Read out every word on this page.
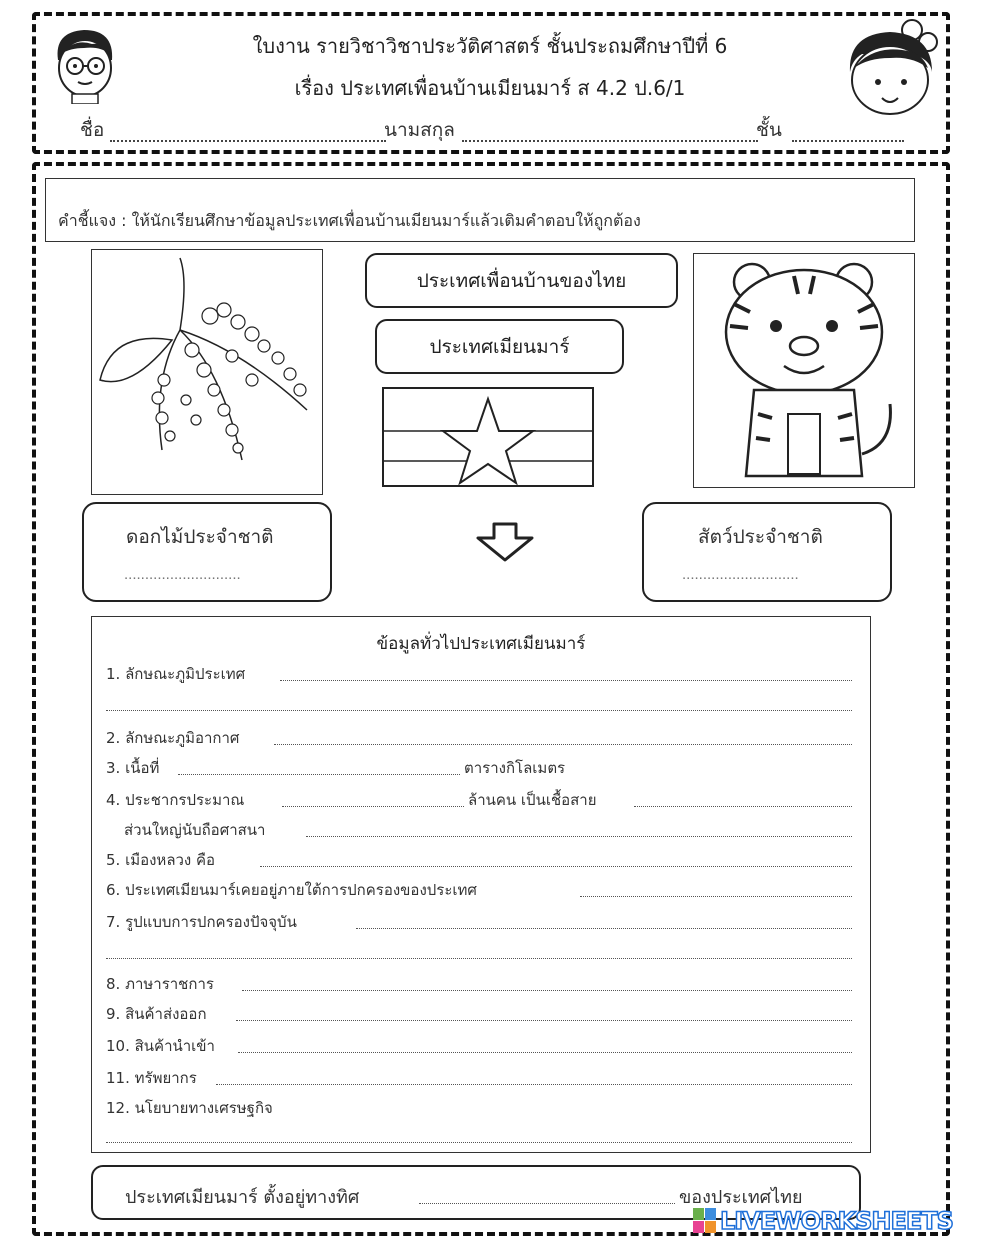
ใบงาน รายวิชาวิชาประวัติศาสตร์ ชั้นประถมศึกษาปีที่ 6
เรื่อง ประเทศเพื่อนบ้านเมียนมาร์ ส 4.2 ป.6/1
ชื่อ	นามสกุล	ชั้น
คำชี้แจง : ให้นักเรียนศึกษาข้อมูลประเทศเพื่อนบ้านเมียนมาร์แล้วเติมคำตอบให้ถูกต้อง
ประเทศเพื่อนบ้านของไทย
ประเทศเมียนมาร์
ดอกไม้ประจำชาติ
............................	สัตว์ประจำชาติ
............................
ข้อมูลทั่วไปประเทศเมียนมาร์
1. ลักษณะภูมิประเทศ
2. ลักษณะภูมิอากาศ
3. เนื้อที่	ตารางกิโลเมตร
4. ประชากรประมาณ	ล้านคน เป็นเชื้อสาย
ส่วนใหญ่นับถือศาสนา
5. เมืองหลวง คือ
6. ประเทศเมียนมาร์เคยอยู่ภายใต้การปกครองของประเทศ
7. รูปแบบการปกครองปัจจุบัน
8. ภาษาราชการ
9. สินค้าส่งออก
10. สินค้านำเข้า
11. ทรัพยากร
12. นโยบายทางเศรษฐกิจ
ประเทศเมียนมาร์ ตั้งอยู่ทางทิศ	ของประเทศไทย
LIVEWORKSHEETS
